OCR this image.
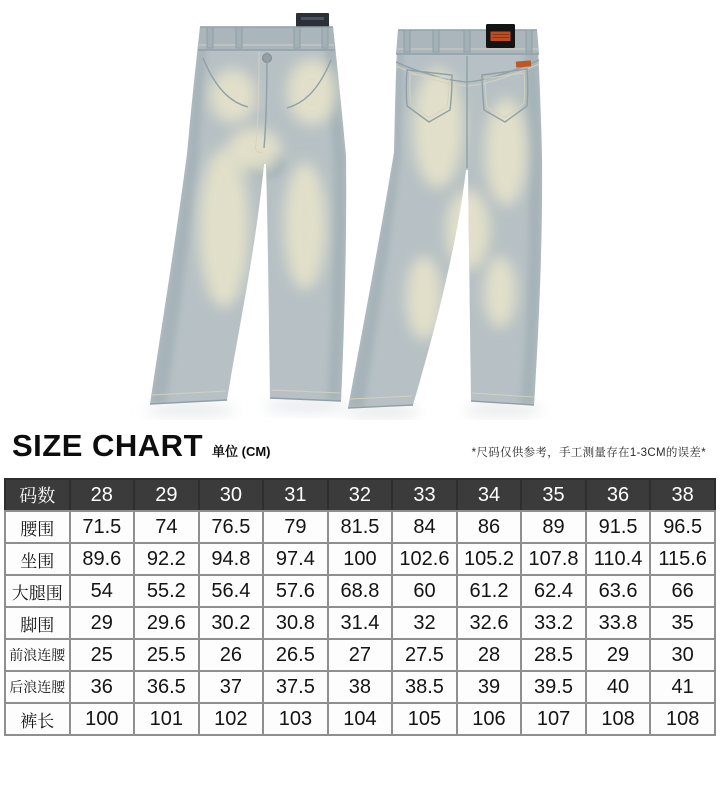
SIZE CHART 单位 (CM)	*尺码仅供参考，手工测量存在1-3CM的误差*
码数	28	29	30	31	32	33	34	35	36	38
腰围	71.5	74	76.5	79	81.5	84	86	89	91.5	96.5
坐围	89.6	92.2	94.8	97.4	100	102.6	105.2	107.8	110.4	115.6
大腿围	54	55.2	56.4	57.6	68.8	60	61.2	62.4	63.6	66
脚围	29	29.6	30.2	30.8	31.4	32	32.6	33.2	33.8	35
前浪连腰	25	25.5	26	26.5	27	27.5	28	28.5	29	30
后浪连腰	36	36.5	37	37.5	38	38.5	39	39.5	40	41
裤长	100	101	102	103	104	105	106	107	108	108
